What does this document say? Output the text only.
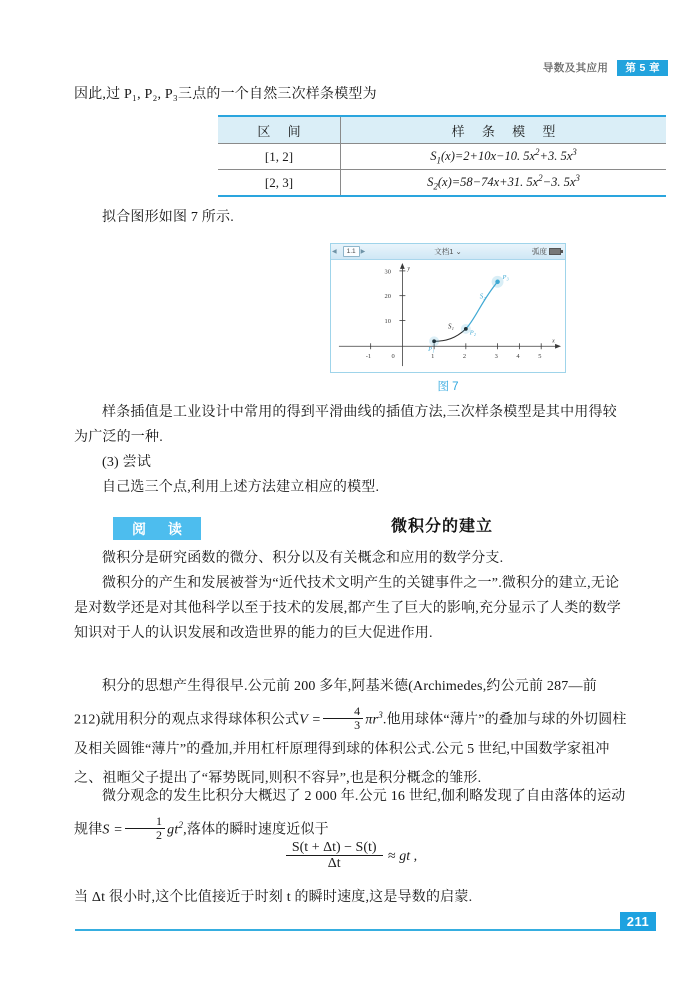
导数及其应用	第 5 章
因此,过 P₁, P₂, P₃三点的一个自然三次样条模型为
区 间	样 条 模 型
[1, 2]	$S_1(x)=2+10x-10$. $5x^2+3$. $5x^3$
[2, 3]	$S_2(x)=58-74x+31$. $5x^2-3$. $5x^3$
拟合图形如图 7 所示.
◀	1.1 ▶	文档1 ⌄	弧度
y
x
30
20
10
-1	0	1	2	3	4	5
P₁
P₂
P₃
S₁
S₂
图 7
样条插值是工业设计中常用的得到平滑曲线的插值方法,三次样条模型是其中用得较为广泛的一种.
(3) 尝试
自己选三个点,利用上述方法建立相应的模型.
阅 读	微积分的建立
微积分是研究函数的微分、积分以及有关概念和应用的数学分支.
微积分的产生和发展被誉为“近代技术文明产生的关键事件之一”.微积分的建立,无论是对数学还是对其他科学以至于技术的发展,都产生了巨大的影响,充分显示了人类的数学知识对于人的认识发展和改造世界的能力的巨大促进作用.
积分的思想产生得很早.公元前 200 多年,阿基米德(Archimedes,约公元前 287—前 212)就用积分的观点求得球体积公式$V = \frac{4}{3} \pi r^3$.他用球体“薄片”的叠加与球的外切圆柱及相关圆锥“薄片”的叠加,并用杠杆原理得到球的体积公式.公元 5 世纪,中国数学家祖冲之、祖暅父子提出了“幂势既同,则积不容异”,也是积分概念的雏形.
微分观念的发生比积分大概迟了 2 000 年.公元 16 世纪,伽利略发现了自由落体的运动规律$S = \frac{1}{2} gt^2$,落体的瞬时速度近似于
$\frac{S(t + \Delta t) - S(t)}{\Delta t}$ ≈ gt ,
当 Δt 很小时,这个比值接近于时刻 t 的瞬时速度,这是导数的启蒙.
211
